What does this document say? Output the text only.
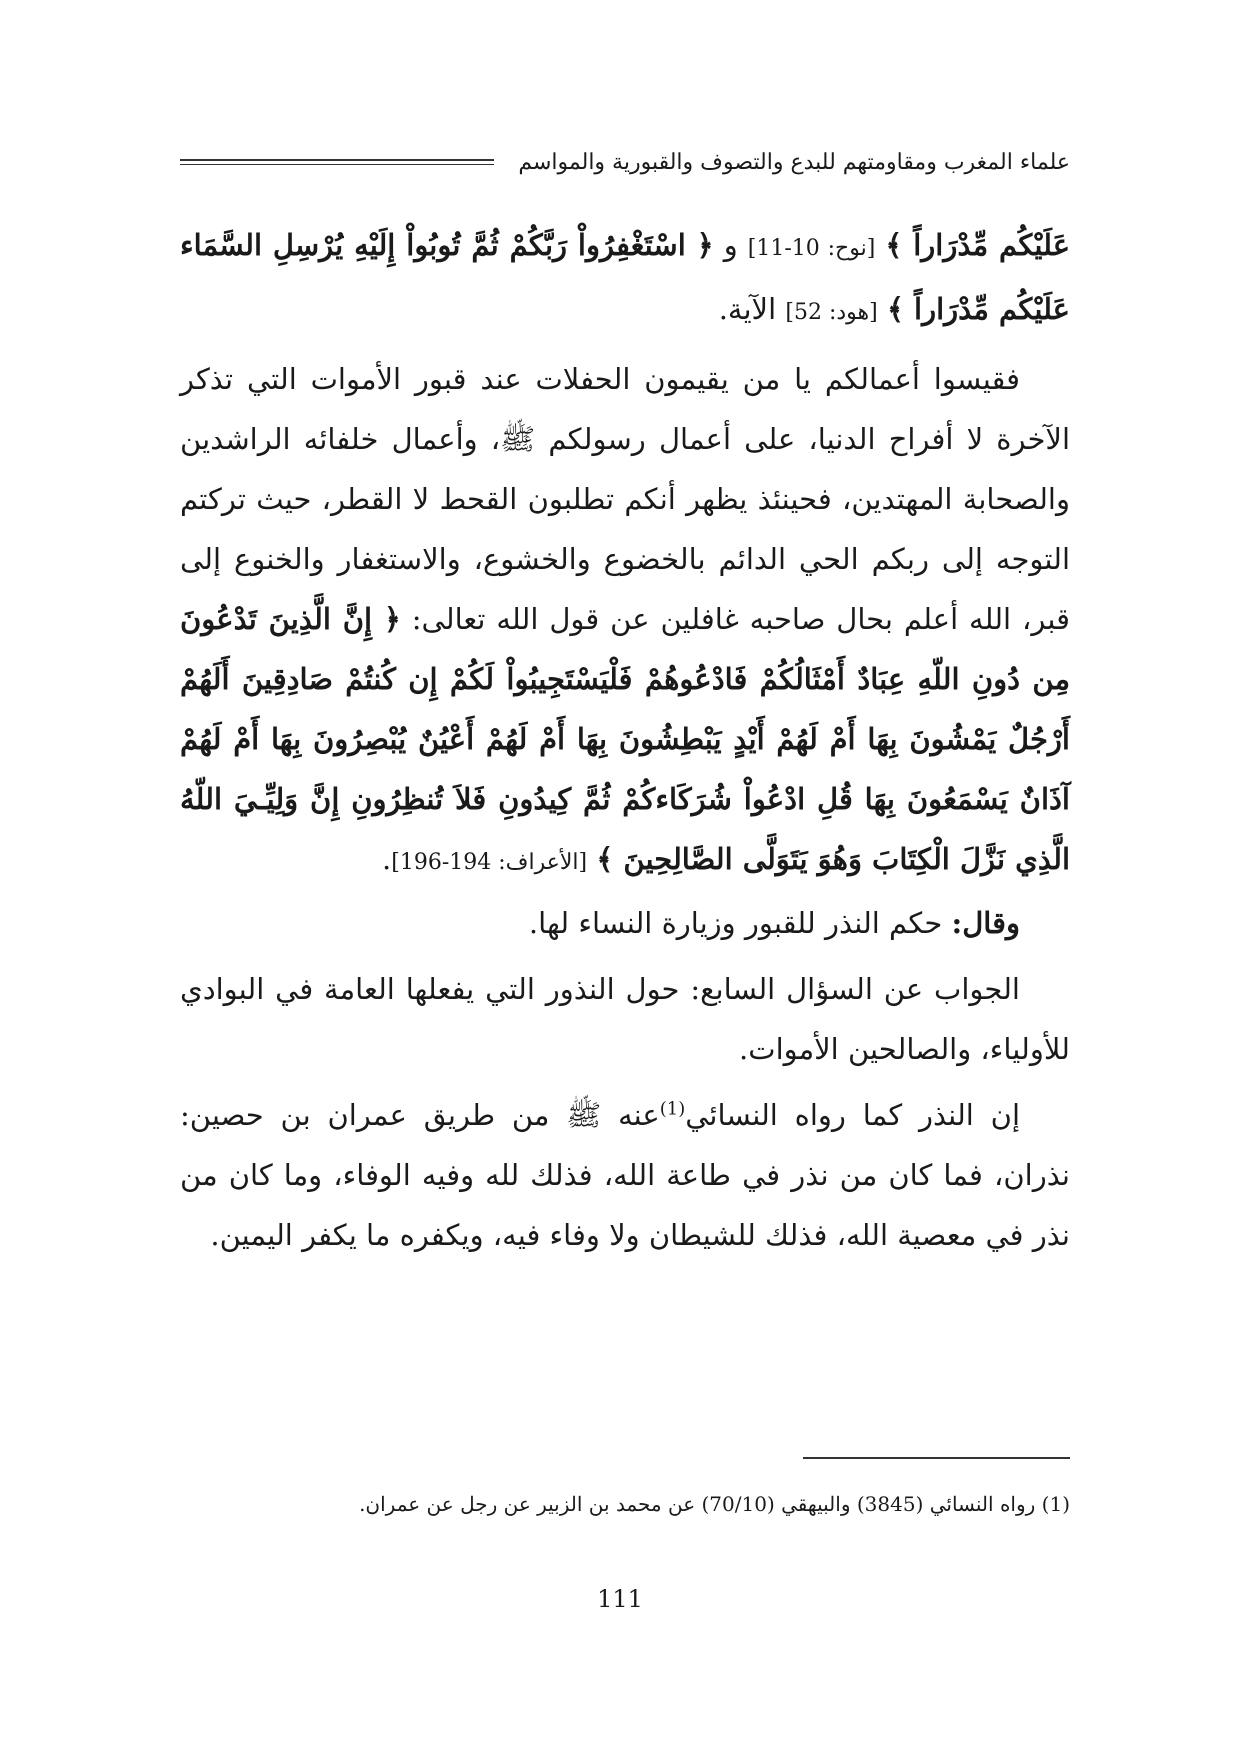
علماء المغرب ومقاومتهم للبدع والتصوف والقبورية والمواسم

عَلَيْكُم مِّدْرَاراً ﴾ [نوح: 10-11] و ﴿ اسْتَغْفِرُواْ رَبَّكُمْ ثُمَّ تُوبُواْ إِلَيْهِ يُرْسِلِ السَّمَاء عَلَيْكُم مِّدْرَاراً ﴾ [هود: 52] الآية.

فقيسوا أعمالكم يا من يقيمون الحفلات عند قبور الأموات التي تذكر الآخرة لا أفراح الدنيا، على أعمال رسولكم ﷺ، وأعمال خلفائه الراشدين والصحابة المهتدين، فحينئذ يظهر أنكم تطلبون القحط لا القطر، حيث تركتم التوجه إلى ربكم الحي الدائم بالخضوع والخشوع، والاستغفار والخنوع إلى قبر، الله أعلم بحال صاحبه غافلين عن قول الله تعالى: ﴿ إِنَّ الَّذِينَ تَدْعُونَ مِن دُونِ اللّهِ عِبَادٌ أَمْثَالُكُمْ فَادْعُوهُمْ فَلْيَسْتَجِيبُواْ لَكُمْ إِن كُنتُمْ صَادِقِينَ أَلَهُمْ أَرْجُلٌ يَمْشُونَ بِهَا أَمْ لَهُمْ أَيْدٍ يَبْطِشُونَ بِهَا أَمْ لَهُمْ أَعْيُنٌ يُبْصِرُونَ بِهَا أَمْ لَهُمْ آذَانٌ يَسْمَعُونَ بِهَا قُلِ ادْعُواْ شُرَكَاءكُمْ ثُمَّ كِيدُونِ فَلاَ تُنظِرُونِ إِنَّ وَلِيِّـيَ اللّهُ الَّذِي نَزَّلَ الْكِتَابَ وَهُوَ يَتَوَلَّى الصَّالِحِينَ ﴾ [الأعراف: 194-196].

وقال: حكم النذر للقبور وزيارة النساء لها.

الجواب عن السؤال السابع: حول النذور التي يفعلها العامة في البوادي للأولياء، والصالحين الأموات.

إن النذر كما رواه النسائي$^{(1)}$عنه ﷺ من طريق عمران بن حصين: نذران، فما كان من نذر في طاعة الله، فذلك لله وفيه الوفاء، وما كان من نذر في معصية الله، فذلك للشيطان ولا وفاء فيه، ويكفره ما يكفر اليمين.

(1) رواه النسائي (3845) والبيهقي (70/10) عن محمد بن الزبير عن رجل عن عمران.
111
